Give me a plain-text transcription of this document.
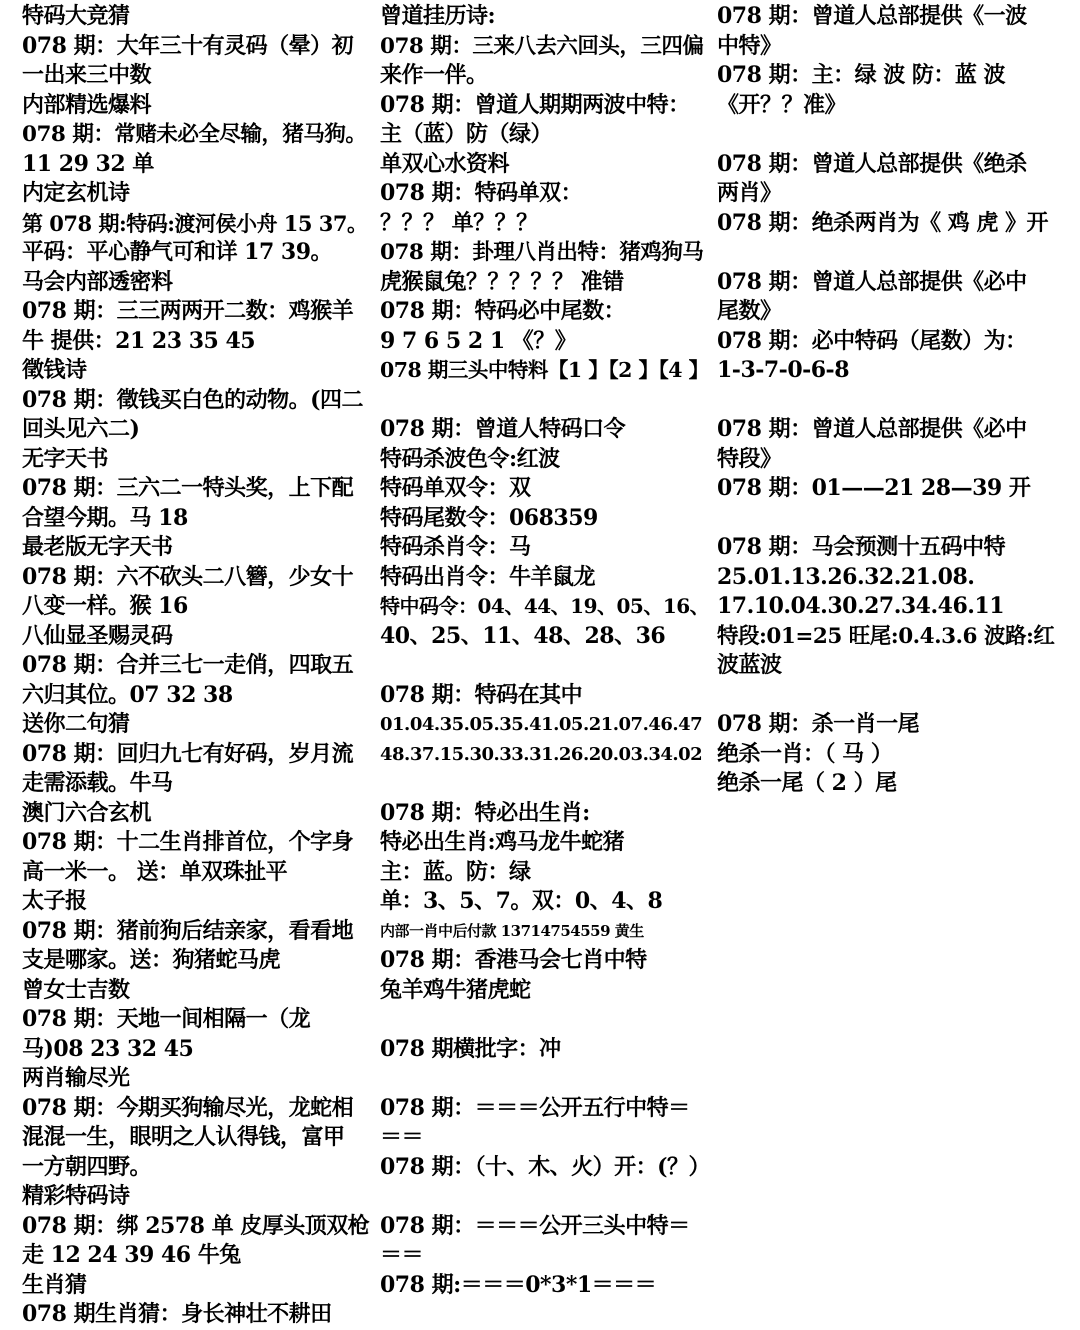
特码大竞猜
078 期：大年三十有灵码（晕）初
一出来三中数
内部精选爆料
078 期：常赌未必全尽输，猪马狗。
11 29 32 单
内定玄机诗
第 078 期:特码:渡河侯小舟 15 37。
平码：平心静气可和详 17 39。
马会内部透密料
078 期：三三两两开二数：鸡猴羊
牛 提供：21 23 35 45
徵钱诗
078 期：徵钱买白色的动物。(四二
回头见六二)
无字天书
078 期：三六二一特头奖，上下配
合望今期。马 18
最老版无字天书
078 期：六不砍头二八簪，少女十
八变一样。猴 16
八仙显圣赐灵码
078 期：合并三七一走俏，四取五
六归其位。07 32 38
送你二句猜
078 期：回归九七有好码，岁月流
走需添载。牛马
澳门六合玄机
078 期：十二生肖排首位，个字身
高一米一。 送：单双珠扯平
太子报
078 期：猪前狗后结亲家，看看地
支是哪家。送：狗猪蛇马虎
曾女士吉数
078 期：天地一间相隔一（龙
马)08 23 32 45
两肖输尽光
078 期：今期买狗输尽光，龙蛇相
混混一生，眼明之人认得钱，富甲
一方朝四野。
精彩特码诗
078 期：绑 2578 单 皮厚头顶双枪
走 12 24 39 46 牛兔
生肖猜
078 期生肖猜：身长神壮不耕田
曾道挂历诗:
078 期：三来八去六回头，三四偏
来作一伴。
078 期：曾道人期期两波中特：
主（蓝）防（绿）
单双心水资料
078 期：特码单双：
？？？ 单？？？
078 期：卦理八肖出特：猪鸡狗马
虎猴鼠兔？？？？？ 准错
078 期：特码必中尾数：
9 7 6 5 2 1 《？》
078 期三头中特料【1 】【2 】【4 】
078 期：曾道人特码口令
特码杀波色令:红波
特码单双令：双
特码尾数令：068359
特码杀肖令：马
特码出肖令：牛羊鼠龙
特中码令：04、44、19、05、16、
40、25、11、48、28、36
078 期：特码在其中
01.04.35.05.35.41.05.21.07.46.47
48.37.15.30.33.31.26.20.03.34.02
078 期：特必出生肖:
特必出生肖:鸡马龙牛蛇猪
主：蓝。防：绿
单：3、5、7。双：0、4、8
内部一肖中后付款 13714754559 黄生
078 期：香港马会七肖中特
兔羊鸡牛猪虎蛇
078 期横批字：冲
078 期：＝＝＝公开五行中特＝
＝＝
078 期：（十、木、火）开：(？）
078 期：＝＝＝公开三头中特＝
＝＝
078 期:＝＝＝0*3*1＝＝＝
078 期：曾道人总部提供《一波
中特》
078 期：主：绿 波 防：蓝 波
《开？？准》
078 期：曾道人总部提供《绝杀
两肖》
078 期：绝杀两肖为《 鸡 虎 》开
078 期：曾道人总部提供《必中
尾数》
078 期：必中特码（尾数）为：
1-3-7-0-6-8
078 期：曾道人总部提供《必中
特段》
078 期：01——21 28—39 开
078 期：马会预测十五码中特
25.01.13.26.32.21.08.
17.10.04.30.27.34.46.11
特段:01=25 旺尾:0.4.3.6 波路:红
波蓝波
078 期：杀一肖一尾
绝杀一肖：（ 马 ）
绝杀一尾（ 2 ）尾
